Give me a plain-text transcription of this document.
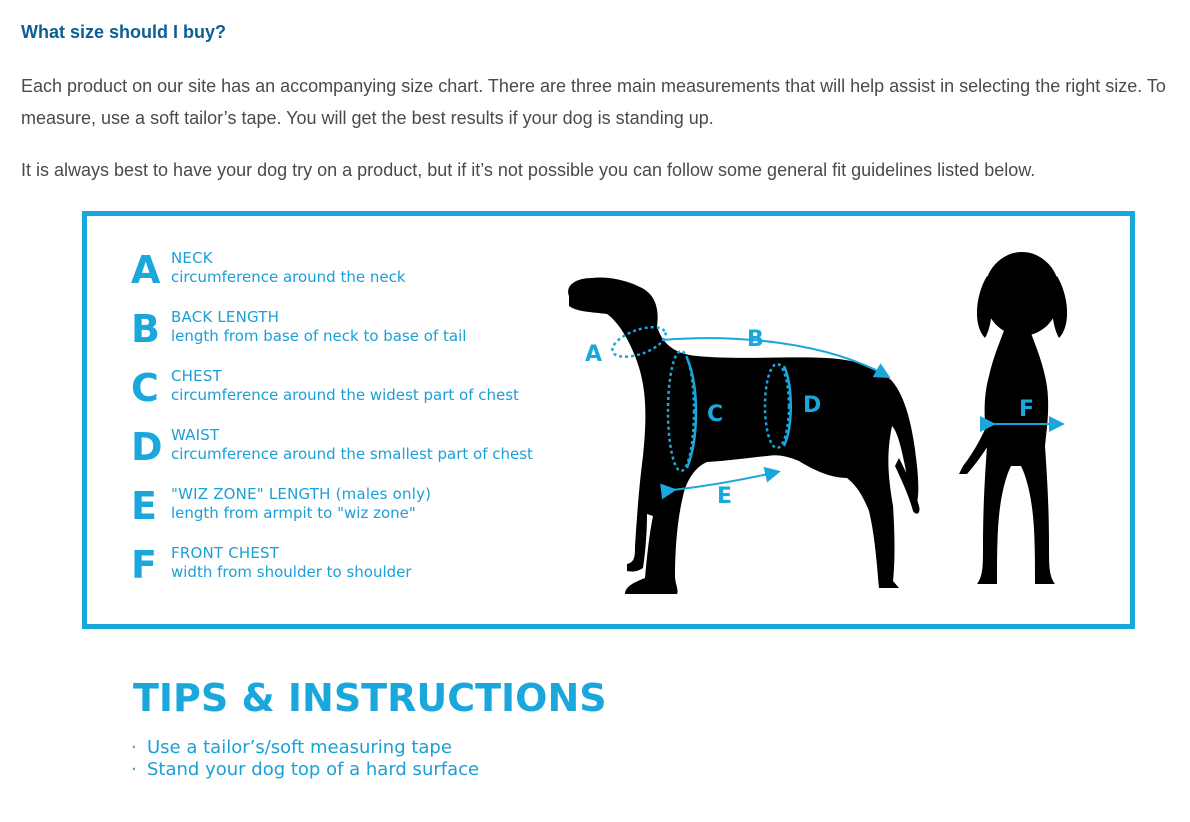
What size should I buy?

Each product on our site has an accompanying size chart. There are three main measurements that will help assist in selecting the right size. To measure, use a soft tailor’s tape. You will get the best results if your dog is standing up.

It is always best to have your dog try on a product, but if it’s not possible you can follow some general fit guidelines listed below.

A NECK
circumference around the neck
B BACK LENGTH
length from base of neck to base of tail
C CHEST
circumference around the widest part of chest
D WAIST
circumference around the smallest part of chest
E "WIZ ZONE" LENGTH (males only)
length from armpit to "wiz zone"
F FRONT CHEST
width from shoulder to shoulder
A
B
C	D
E
F
TIPS & INSTRUCTIONS
· Use a tailor’s/soft measuring tape
· Stand your dog top of a hard surface
